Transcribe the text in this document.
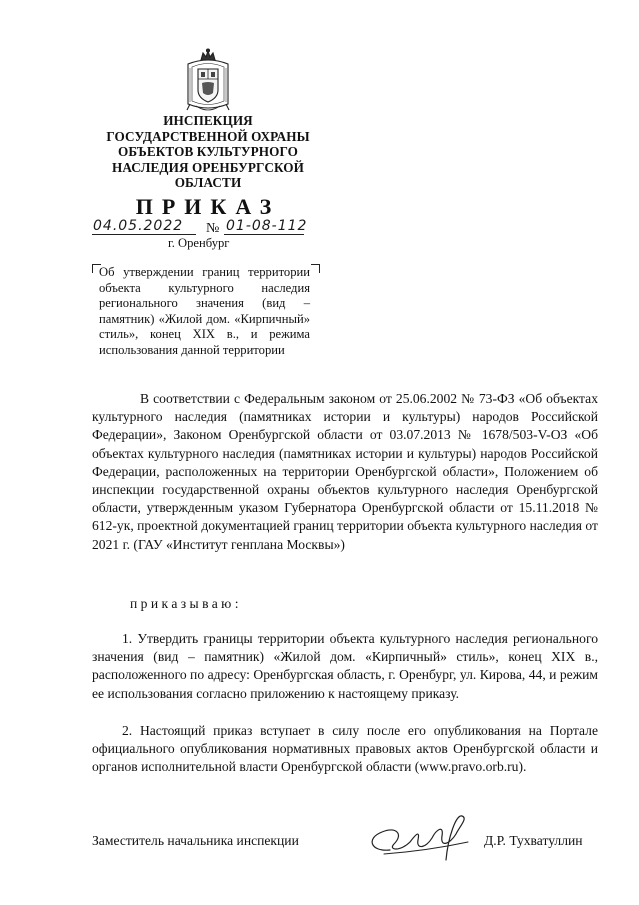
ИНСПЕКЦИЯ
ГОСУДАРСТВЕННОЙ ОХРАНЫ
ОБЪЕКТОВ КУЛЬТУРНОГО
НАСЛЕДИЯ ОРЕНБУРГСКОЙ
ОБЛАСТИ
ПРИКАЗ
04.05.2022	№ 01-08-112
г. Оренбург
Об утверждении границ территории объекта культурного наследия регионального значения (вид – памятник) «Жилой дом. «Кирпичный» стиль», конец XIX в., и режима использования данной территории
В соответствии с Федеральным законом от 25.06.2002 № 73-ФЗ «Об объектах культурного наследия (памятниках истории и культуры) народов Российской Федерации», Законом Оренбургской области от 03.07.2013 № 1678/503-V-ОЗ «Об объектах культурного наследия (памятниках истории и культуры) народов Российской Федерации, расположенных на территории Оренбургской области», Положением об инспекции государственной охраны объектов культурного наследия Оренбургской области, утвержденным указом Губернатора Оренбургской области от 15.11.2018 № 612-ук, проектной документацией границ территории объекта культурного наследия от 2021 г. (ГАУ «Институт генплана Москвы»)
приказываю:
1. Утвердить границы территории объекта культурного наследия регионального значения (вид – памятник) «Жилой дом. «Кирпичный» стиль», конец XIX в., расположенного по адресу: Оренбургская область, г. Оренбург, ул. Кирова, 44, и режим ее использования согласно приложению к настоящему приказу.
2. Настоящий приказ вступает в силу после его опубликования на Портале официального опубликования нормативных правовых актов Оренбургской области и органов исполнительной власти Оренбургской области (www.pravo.orb.ru).
Заместитель начальника инспекции	Д.Р. Тухватуллин
